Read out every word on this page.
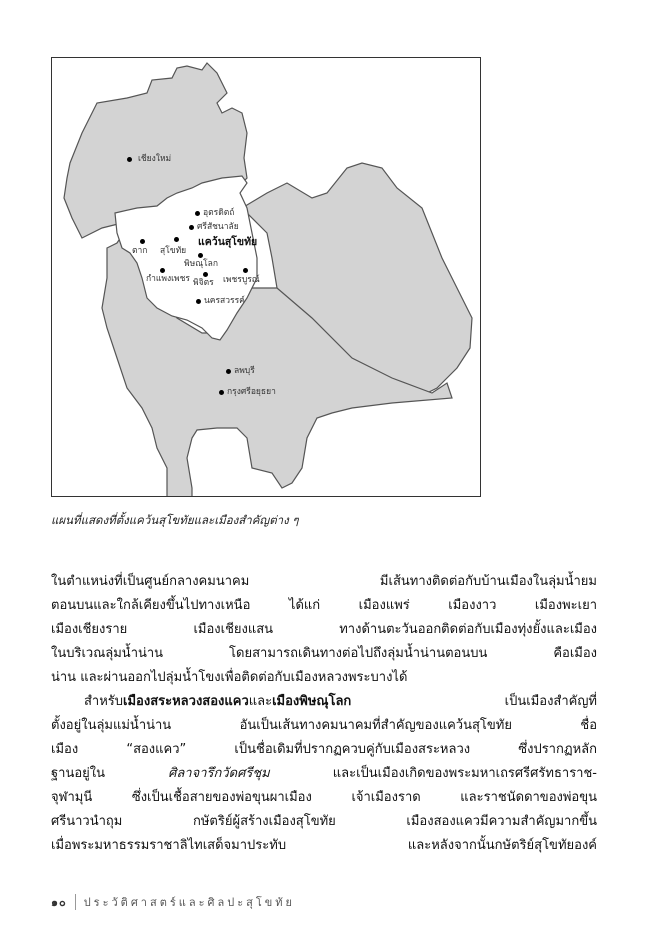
เชียงใหม่
อุตรดิตถ์
ศรีสัชนาลัย
ตาก สุโขทัย
แคว้นสุโขทัย
พิษณุโลก
กำแพงเพชร พิจิตร เพชรบูรณ์
นครสวรรค์
ลพบุรี
กรุงศรีอยุธยา
แผนที่แสดงที่ตั้งแคว้นสุโขทัยและเมืองสำคัญต่าง ๆ

ในตำแหน่งที่เป็นศูนย์กลางคมนาคม มีเส้นทางติดต่อกับบ้านเมืองในลุ่มน้ำยม

ตอนบนและใกล้เคียงขึ้นไปทางเหนือ ได้แก่ เมืองแพร่ เมืองงาว เมืองพะเยา

เมืองเชียงราย เมืองเชียงแสน ทางด้านตะวันออกติดต่อกับเมืองทุ่งยั้งและเมือง

ในบริเวณลุ่มน้ำน่าน โดยสามารถเดินทางต่อไปถึงลุ่มน้ำน่านตอนบน คือเมือง

น่าน และผ่านออกไปลุ่มน้ำโขงเพื่อติดต่อกับเมืองหลวงพระบางได้

สำหรับเมืองสระหลวงสองแควและเมืองพิษณุโลก เป็นเมืองสำคัญที่

ตั้งอยู่ในลุ่มแม่น้ำน่าน อันเป็นเส้นทางคมนาคมที่สำคัญของแคว้นสุโขทัย ชื่อ

เมือง “สองแคว” เป็นชื่อเดิมที่ปรากฏควบคู่กับเมืองสระหลวง ซึ่งปรากฏหลัก

ฐานอยู่ใน ศิลาจารึกวัดศรีชุม และเป็นเมืองเกิดของพระมหาเถรศรีศรัทธาราช-

จุฬามุนี ซึ่งเป็นเชื้อสายของพ่อขุนผาเมือง เจ้าเมืองราด และราชนัดดาของพ่อขุน

ศรีนาวนำถุม กษัตริย์ผู้สร้างเมืองสุโขทัย เมืองสองแควมีความสำคัญมากขึ้น

เมื่อพระมหาธรรมราชาลิไทเสด็จมาประทับ และหลังจากนั้นกษัตริย์สุโขทัยองค์

๑๐ ประวัติศาสตร์และศิลปะสุโขทัย
